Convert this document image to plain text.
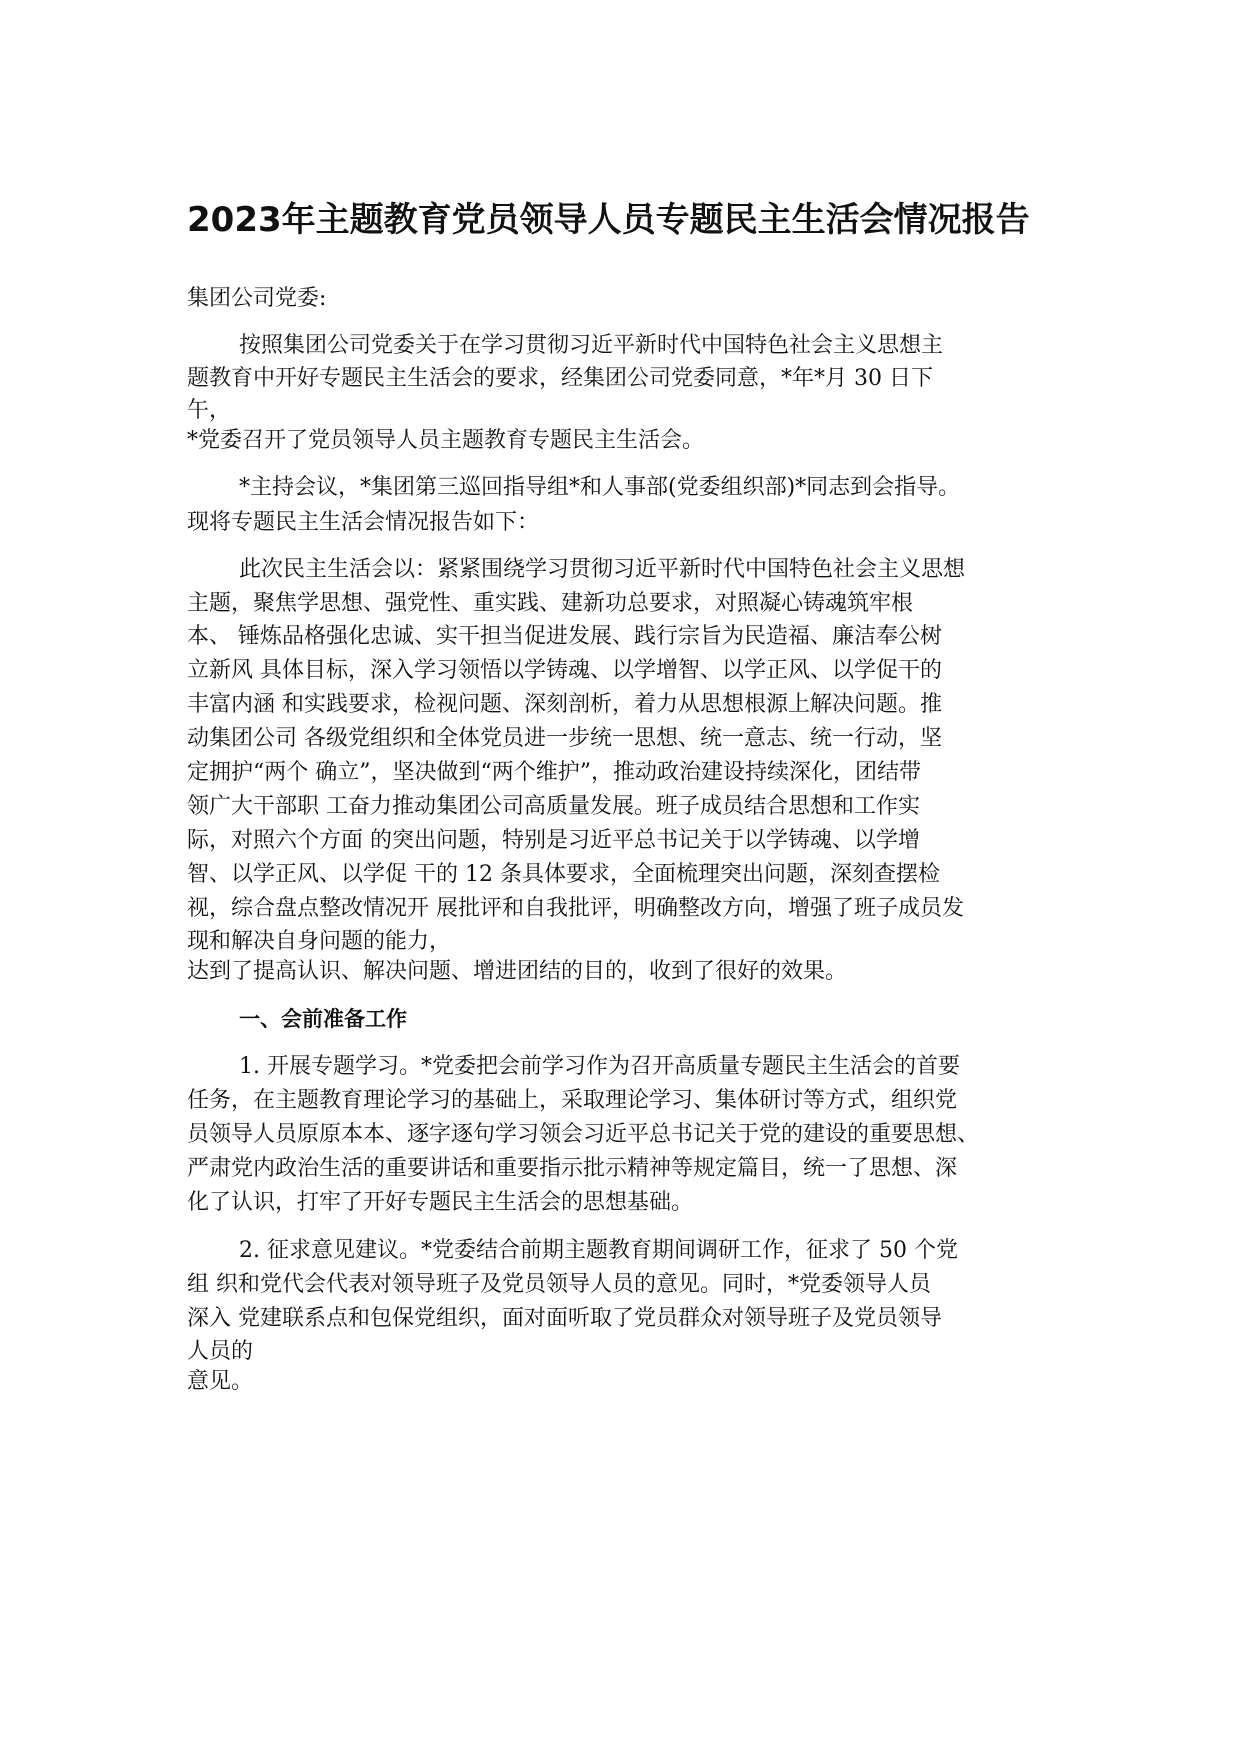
2023年主题教育党员领导人员专题民主生活会情况报告

集团公司党委:

按照集团公司党委关于在学习贯彻习近平新时代中国特色社会主义思想主

题教育中开好专题民主生活会的要求，经集团公司党委同意，*年*月 30 日下

午，

*党委召开了党员领导人员主题教育专题民主生活会。

*主持会议，*集团第三巡回指导组*和人事部(党委组织部)*同志到会指导。

现将专题民主生活会情况报告如下：

此次民主生活会以：紧紧围绕学习贯彻习近平新时代中国特色社会主义思想

主题，聚焦学思想、强党性、重实践、建新功总要求，对照凝心铸魂筑牢根

本、 锤炼品格强化忠诚、实干担当促进发展、践行宗旨为民造福、廉洁奉公树

立新风 具体目标，深入学习领悟以学铸魂、以学增智、以学正风、以学促干的

丰富内涵 和实践要求，检视问题、深刻剖析，着力从思想根源上解决问题。推

动集团公司 各级党组织和全体党员进一步统一思想、统一意志、统一行动，坚

定拥护“两个 确立”，坚决做到“两个维护”，推动政治建设持续深化，团结带

领广大干部职 工奋力推动集团公司高质量发展。班子成员结合思想和工作实

际，对照六个方面 的突出问题，特别是习近平总书记关于以学铸魂、以学增

智、以学正风、以学促 干的 12 条具体要求，全面梳理突出问题，深刻查摆检

视，综合盘点整改情况开 展批评和自我批评，明确整改方向，增强了班子成员发

现和解决自身问题的能力，

达到了提高认识、解决问题、增进团结的目的，收到了很好的效果。

一、会前准备工作

1. 开展专题学习。*党委把会前学习作为召开高质量专题民主生活会的首要

任务，在主题教育理论学习的基础上，采取理论学习、集体研讨等方式，组织党

员领导人员原原本本、逐字逐句学习领会习近平总书记关于党的建设的重要思想、

严肃党内政治生活的重要讲话和重要指示批示精神等规定篇目，统一了思想、深

化了认识，打牢了开好专题民主生活会的思想基础。

2. 征求意见建议。*党委结合前期主题教育期间调研工作，征求了 50 个党

组 织和党代会代表对领导班子及党员领导人员的意见。同时，*党委领导人员

深入 党建联系点和包保党组织，面对面听取了党员群众对领导班子及党员领导

人员的

意见。
